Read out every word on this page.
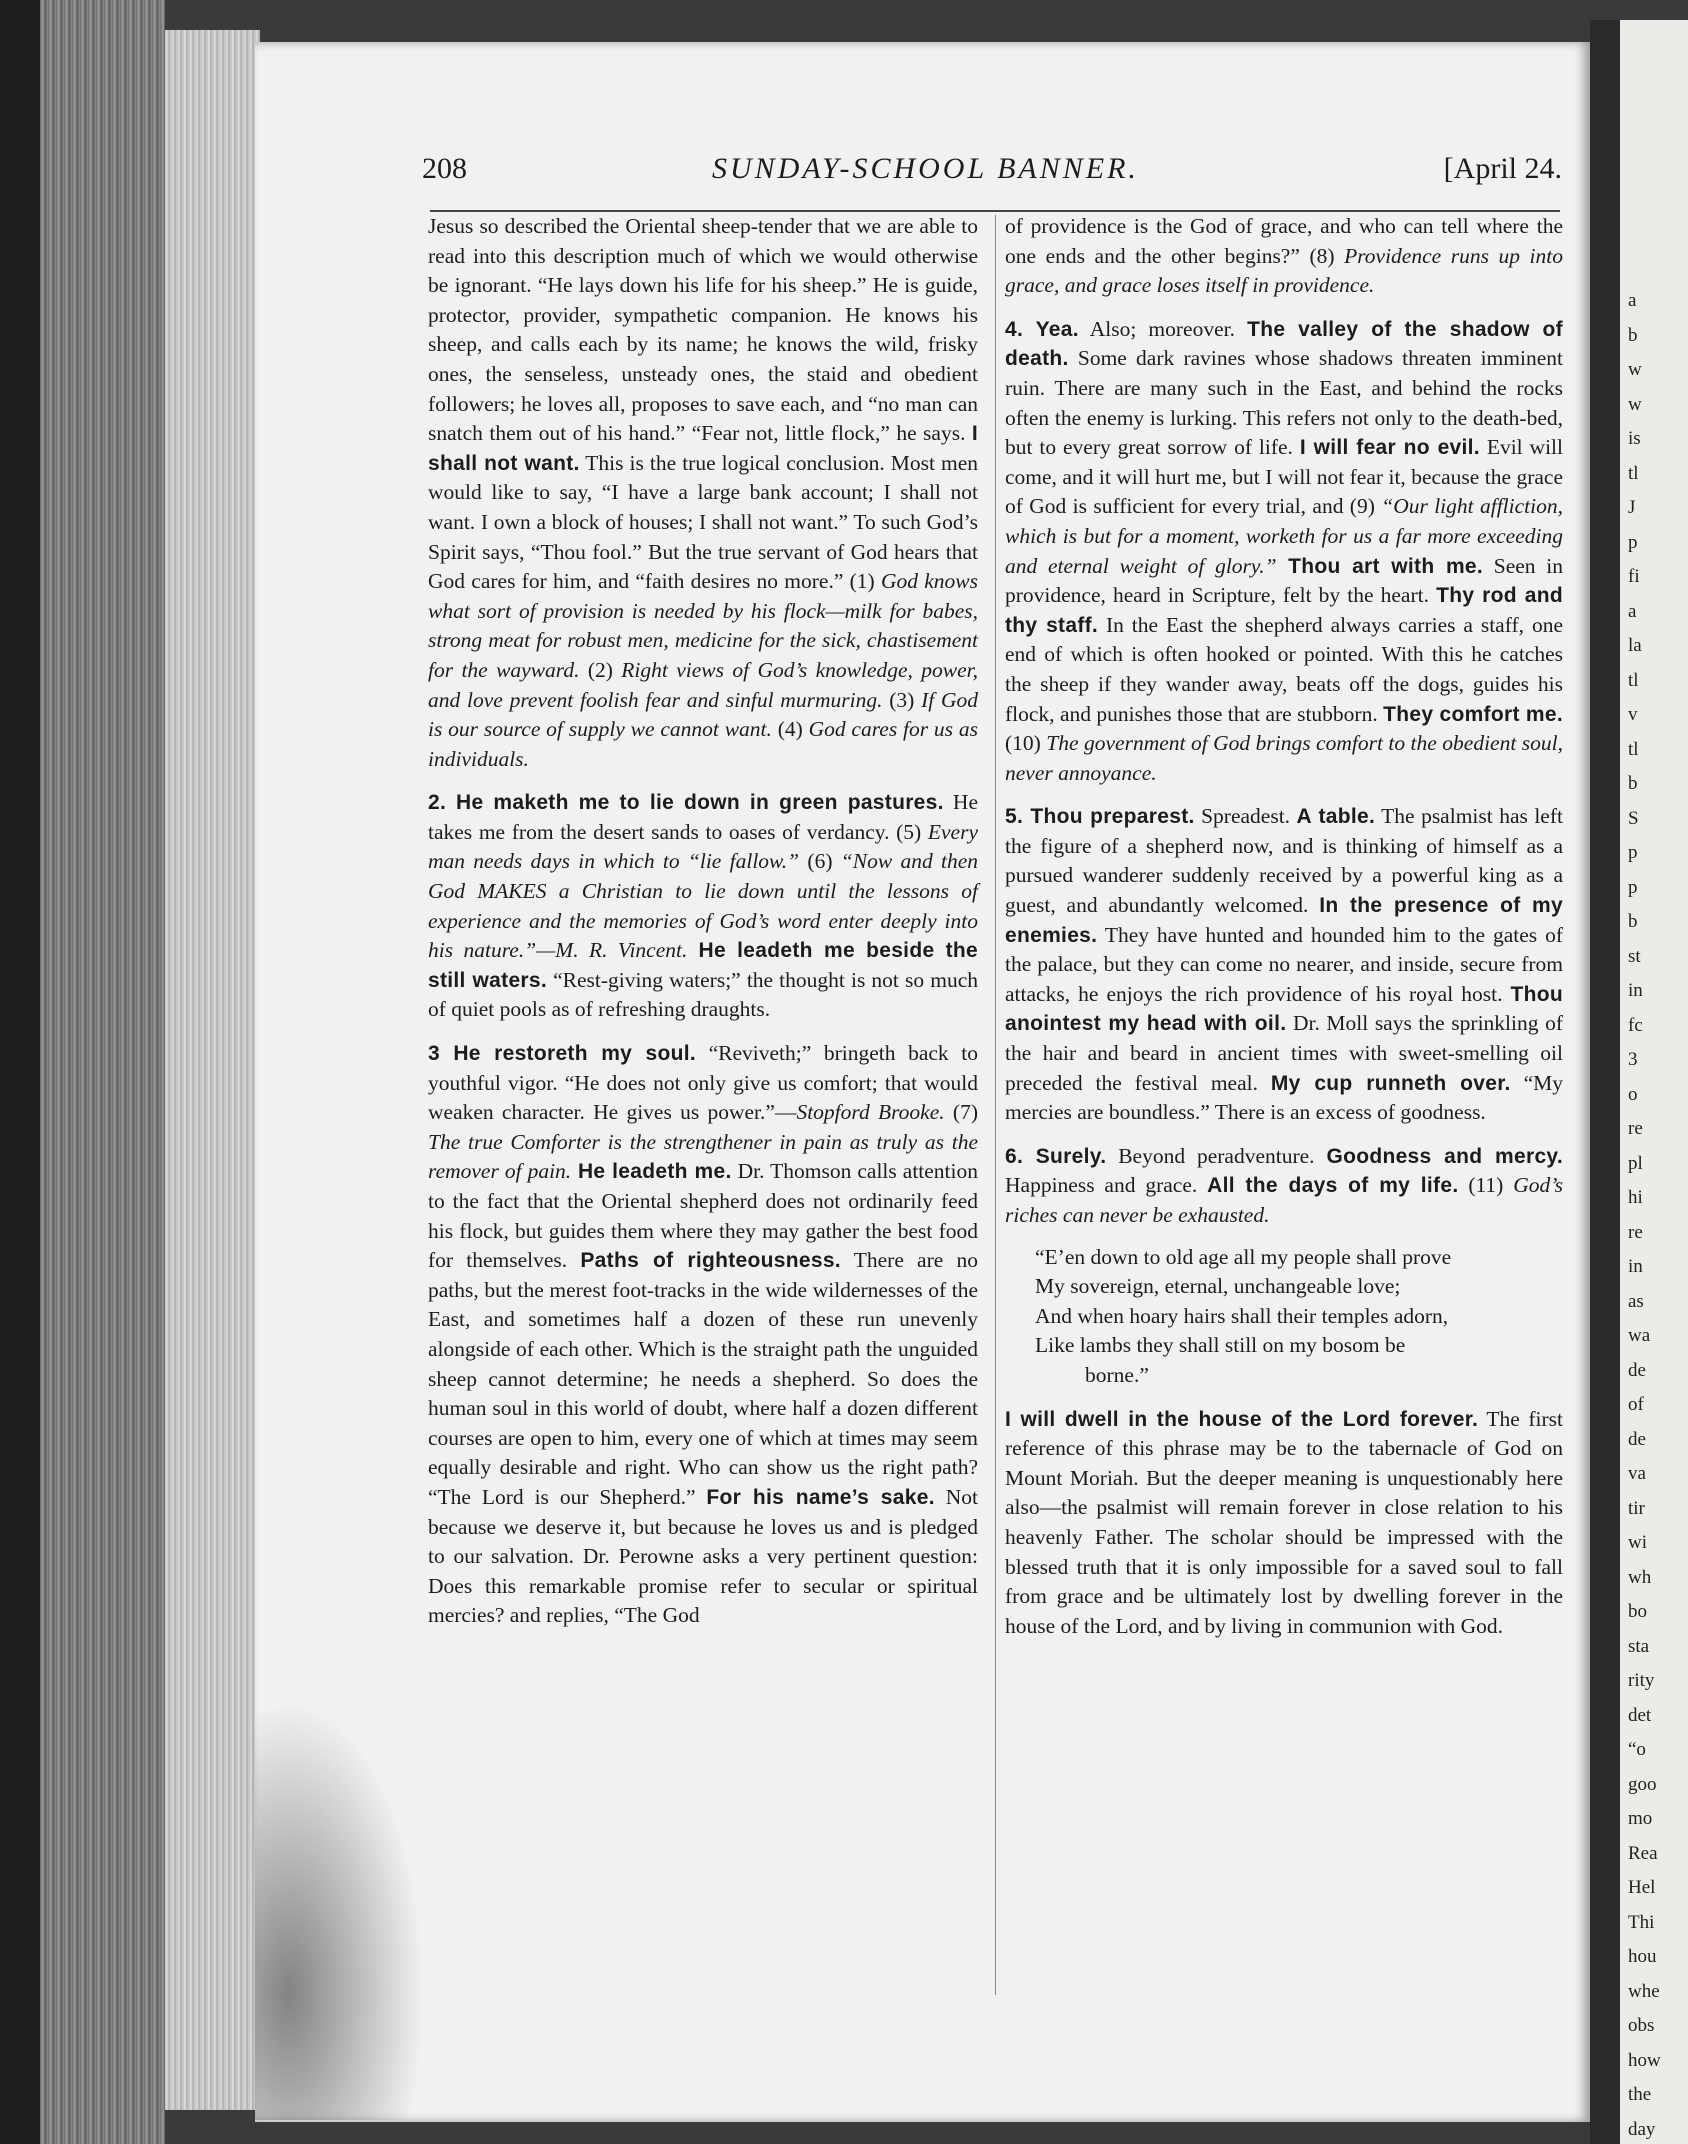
a
b
w
w
is
tl
J
p
fi
a
la
tl
v
tl
b
S
p
p
b
st
in
fc
3
o
re
pl
hi
re
in
as
wa
de
of
de
va
tir
wi
wh
bo
sta
rity
det
“o
goo
mo
Rea
Hel
Thi
hou
whe
obs
how
the
day
208	SUNDAY-SCHOOL BANNER.	[April 24.

Jesus so described the Oriental sheep-tender that we are able to read into this description much of which we would otherwise be ignorant. “He lays down his life for his sheep.” He is guide, protector, provider, sympathetic companion. He knows his sheep, and calls each by its name; he knows the wild, frisky ones, the senseless, unsteady ones, the staid and obedient followers; he loves all, proposes to save each, and “no man can snatch them out of his hand.” “Fear not, little flock,” he says. I shall not want. This is the true logical conclusion. Most men would like to say, “I have a large bank account; I shall not want. I own a block of houses; I shall not want.” To such God’s Spirit says, “Thou fool.” But the true servant of God hears that God cares for him, and “faith desires no more.” (1) God knows what sort of provision is needed by his flock—milk for babes, strong meat for robust men, medicine for the sick, chastisement for the wayward. (2) Right views of God’s knowledge, power, and love prevent foolish fear and sinful murmuring. (3) If God is our source of supply we cannot want. (4) God cares for us as individuals.

2. He maketh me to lie down in green pastures. He takes me from the desert sands to oases of verdancy. (5) Every man needs days in which to “lie fallow.” (6) “Now and then God MAKES a Christian to lie down until the lessons of experience and the memories of God’s word enter deeply into his nature.”—M. R. Vincent. He leadeth me beside the still waters. “Rest-giving waters;” the thought is not so much of quiet pools as of refreshing draughts.

3 He restoreth my soul. “Reviveth;” bringeth back to youthful vigor. “He does not only give us comfort; that would weaken character. He gives us power.”—Stopford Brooke. (7) The true Comforter is the strengthener in pain as truly as the remover of pain. He leadeth me. Dr. Thomson calls attention to the fact that the Oriental shepherd does not ordinarily feed his flock, but guides them where they may gather the best food for themselves. Paths of righteousness. There are no paths, but the merest foot-tracks in the wide wildernesses of the East, and sometimes half a dozen of these run unevenly alongside of each other. Which is the straight path the unguided sheep cannot determine; he needs a shepherd. So does the human soul in this world of doubt, where half a dozen different courses are open to him, every one of which at times may seem equally desirable and right. Who can show us the right path? “The Lord is our Shepherd.” For his name’s sake. Not because we deserve it, but because he loves us and is pledged to our salvation. Dr. Perowne asks a very pertinent question: Does this remarkable promise refer to secular or spiritual mercies? and replies, “The God

of providence is the God of grace, and who can tell where the one ends and the other begins?” (8) Providence runs up into grace, and grace loses itself in providence.

4. Yea. Also; moreover. The valley of the shadow of death. Some dark ravines whose shadows threaten imminent ruin. There are many such in the East, and behind the rocks often the enemy is lurking. This refers not only to the death-bed, but to every great sorrow of life. I will fear no evil. Evil will come, and it will hurt me, but I will not fear it, because the grace of God is sufficient for every trial, and (9) “Our light affliction, which is but for a moment, worketh for us a far more exceeding and eternal weight of glory.” Thou art with me. Seen in providence, heard in Scripture, felt by the heart. Thy rod and thy staff. In the East the shepherd always carries a staff, one end of which is often hooked or pointed. With this he catches the sheep if they wander away, beats off the dogs, guides his flock, and punishes those that are stubborn. They comfort me. (10) The government of God brings comfort to the obedient soul, never annoyance.

5. Thou preparest. Spreadest. A table. The psalmist has left the figure of a shepherd now, and is thinking of himself as a pursued wanderer suddenly received by a powerful king as a guest, and abundantly welcomed. In the presence of my enemies. They have hunted and hounded him to the gates of the palace, but they can come no nearer, and inside, secure from attacks, he enjoys the rich providence of his royal host. Thou anointest my head with oil. Dr. Moll says the sprinkling of the hair and beard in ancient times with sweet-smelling oil preceded the festival meal. My cup runneth over. “My mercies are boundless.” There is an excess of goodness.

6. Surely. Beyond peradventure. Goodness and mercy. Happiness and grace. All the days of my life. (11) God’s riches can never be exhausted.

“E’en down to old age all my people shall prove
My sovereign, eternal, unchangeable love;
And when hoary hairs shall their temples adorn,
Like lambs they shall still on my bosom be
borne.”

I will dwell in the house of the Lord forever. The first reference of this phrase may be to the tabernacle of God on Mount Moriah. But the deeper meaning is unquestionably here also—the psalmist will remain forever in close relation to his heavenly Father. The scholar should be impressed with the blessed truth that it is only impossible for a saved soul to fall from grace and be ultimately lost by dwelling forever in the house of the Lord, and by living in communion with God.
